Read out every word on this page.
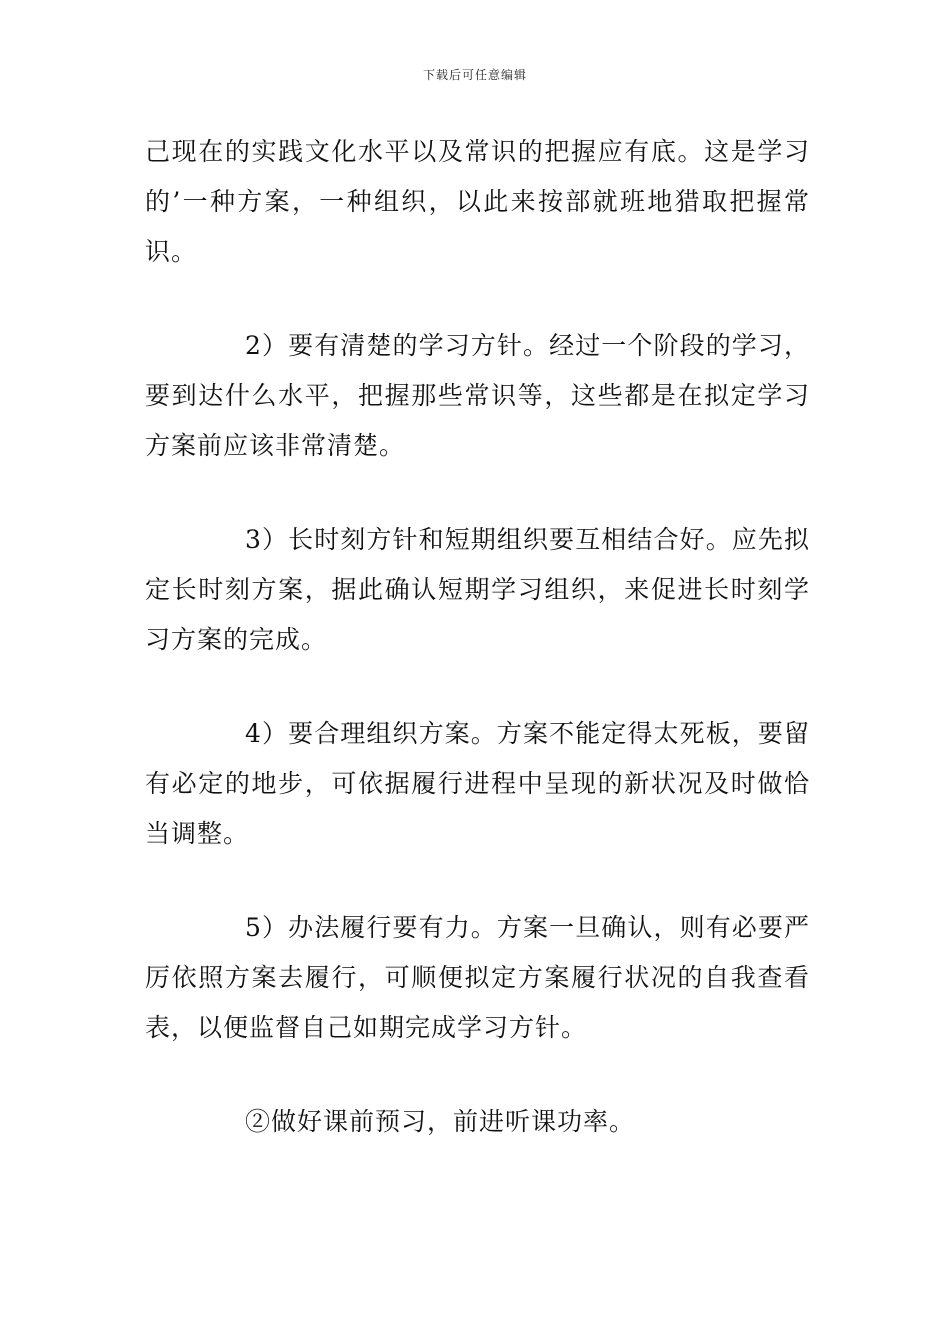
下载后可任意编辑

己现在的实践文化水平以及常识的把握应有底。这是学习的’一种方案，一种组织，以此来按部就班地猎取把握常识。

2）要有清楚的学习方针。经过一个阶段的学习，要到达什么水平，把握那些常识等，这些都是在拟定学习方案前应该非常清楚。

3）长时刻方针和短期组织要互相结合好。应先拟定长时刻方案，据此确认短期学习组织，来促进长时刻学习方案的完成。

4）要合理组织方案。方案不能定得太死板，要留有必定的地步，可依据履行进程中呈现的新状况及时做恰当调整。

5）办法履行要有力。方案一旦确认，则有必要严厉依照方案去履行，可顺便拟定方案履行状况的自我查看表，以便监督自己如期完成学习方针。

②做好课前预习，前进听课功率。
